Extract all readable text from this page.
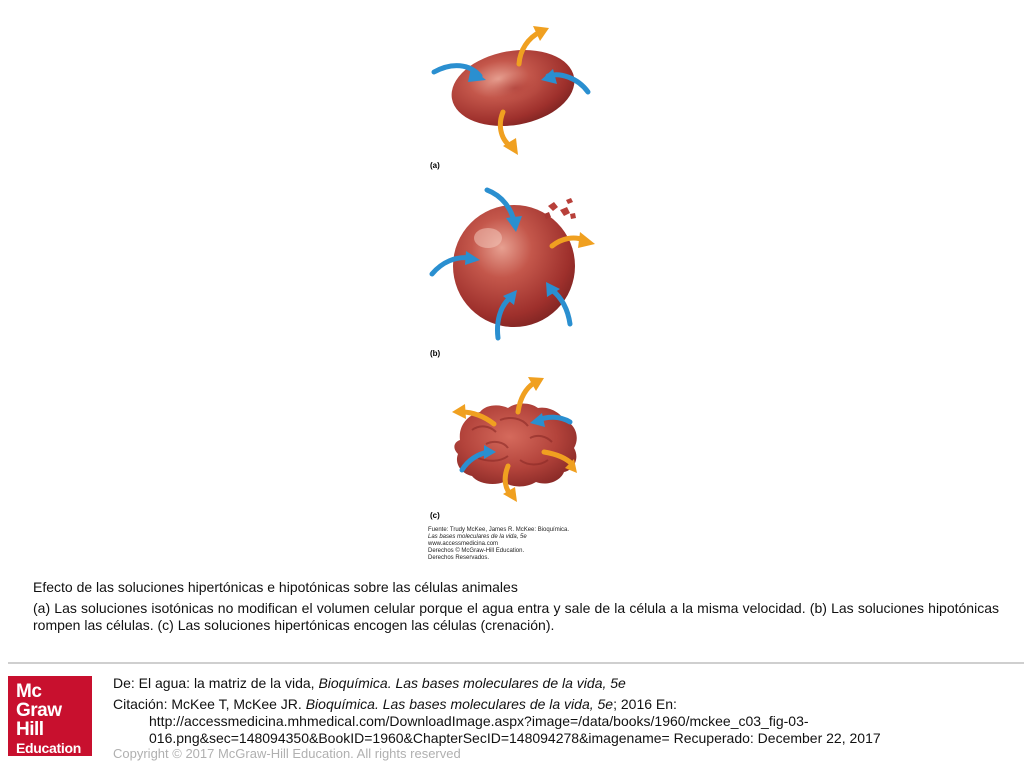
(a)
(b)
(c)
Fuente: Trudy McKee, James R. McKee: Bioquímica.
Las bases moleculares de la vida, 5e
www.accessmedicina.com
Derechos © McGraw-Hill Education.
Derechos Reservados.
Efecto de las soluciones hipertónicas e hipotónicas sobre las células animales
(a) Las soluciones isotónicas no modifican el volumen celular porque el agua entra y sale de la célula a la misma velocidad. (b) Las soluciones hipotónicas rompen las células. (c) Las soluciones hipertónicas encogen las células (crenación).
Mc
Graw
Hill
Education
De: El agua: la matriz de la vida, Bioquímica. Las bases moleculares de la vida, 5e
Citación: McKee T, McKee JR. Bioquímica. Las bases moleculares de la vida, 5e; 2016 En:
http://accessmedicina.mhmedical.com/DownloadImage.aspx?image=/data/books/1960/mckee_c03_fig-03-
016.png&sec=148094350&BookID=1960&ChapterSecID=148094278&imagename= Recuperado: December 22, 2017
Copyright © 2017 McGraw-Hill Education. All rights reserved
